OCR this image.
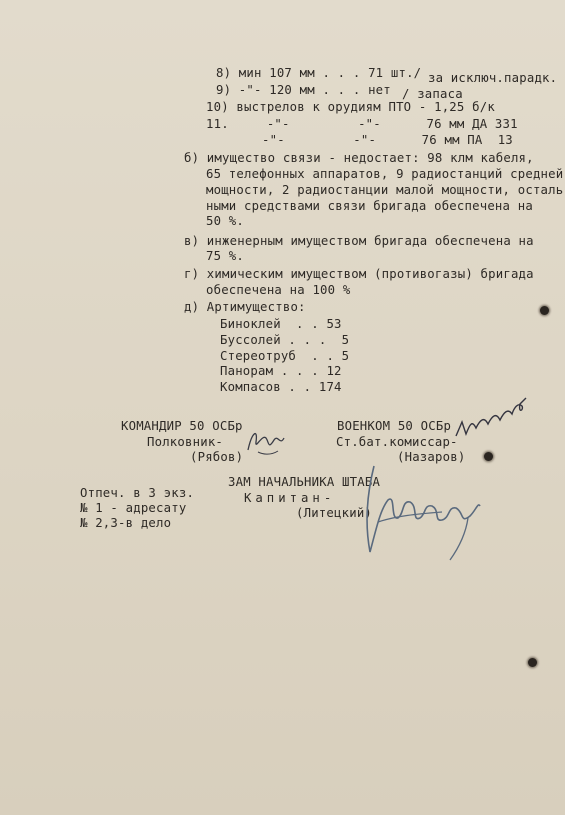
8) мин 107 мм . . . 71 шт./ за исключ.парадк.
9) -"- 120 мм . . . нет / запаса
10) выстрелов к орудиям ПТО - 1,25 б/к
11.     -"-         -"-      76 мм ДА 331
-"-         -"-      76 мм ПА  13
б) имущество связи - недостает: 98 клм кабеля,
65 телефонных аппаратов, 9 радиостанций средней
мощности, 2 радиостанции малой мощности, осталь
ными средствами связи бригада обеспечена на
50 %.
в) инженерным имуществом бригада обеспечена на
75 %.
г) химическим имуществом (противогазы) бригада
обеспечена на 100 %
д) Артимущество:
Биноклей  . . 53
Буссолей . . .  5
Стереотруб  . . 5
Панорам . . . 12
Компасов . . 174
КОМАНДИР 50 ОСБр
Полковник-
(Рябов)
ВОЕНКОМ 50 ОСБр
Ст.бат.комиссар-
(Назаров)
ЗАМ НАЧАЛЬНИКА ШТАБА
Капитан-
(Литецкий)
Отпеч. в 3 экз.
№ 1 - адресату
№ 2,3-в дело
